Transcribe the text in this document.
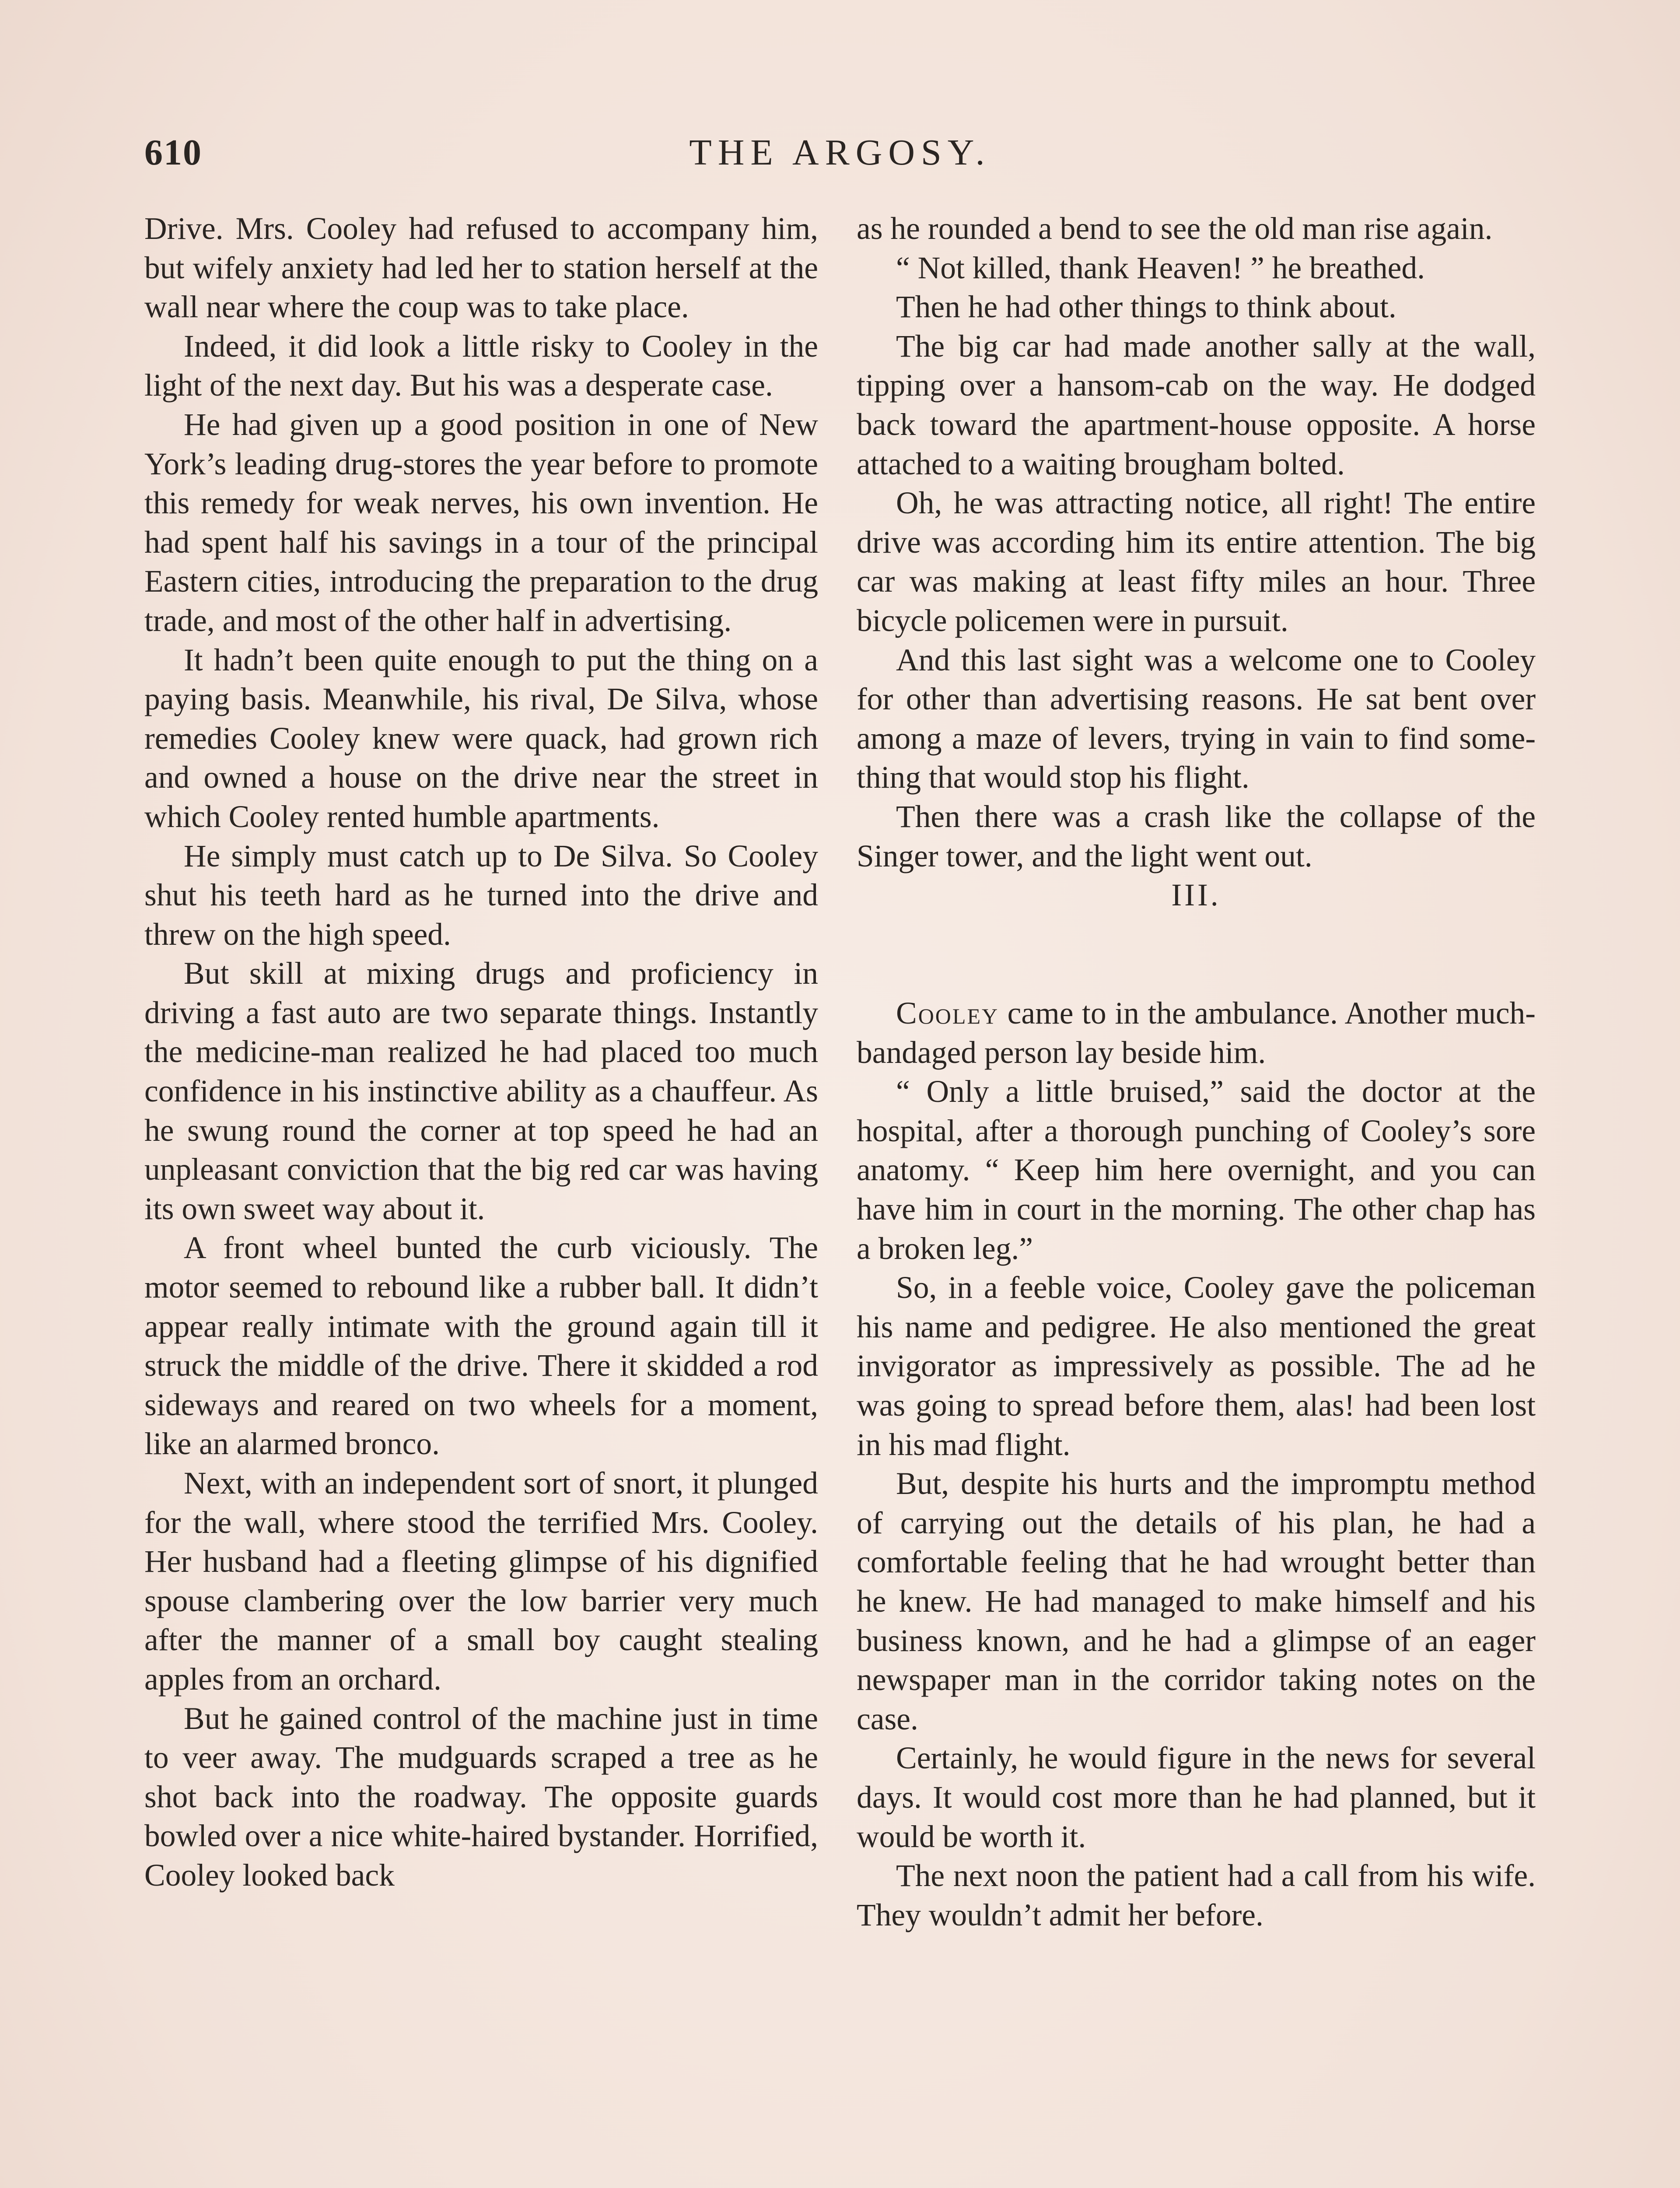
610	THE ARGOSY.

Drive. Mrs. Cooley had refused to accompany him, but wifely anxiety had led her to station herself at the wall near where the coup was to take place.

Indeed, it did look a little risky to Cooley in the light of the next day. But his was a desperate case.

He had given up a good position in one of New York’s leading drug-stores the year before to promote this remedy for weak nerves, his own invention. He had spent half his savings in a tour of the principal Eastern cities, introducing the preparation to the drug trade, and most of the other half in advertising.

It hadn’t been quite enough to put the thing on a paying basis. Meanwhile, his rival, De Silva, whose remedies Cooley knew were quack, had grown rich and owned a house on the drive near the street in which Cooley rented humble apartments.

He simply must catch up to De Silva. So Cooley shut his teeth hard as he turned into the drive and threw on the high speed.

But skill at mixing drugs and proficiency in driving a fast auto are two separate things. Instantly the medicine-man realized he had placed too much confidence in his instinctive ability as a chauffeur. As he swung round the corner at top speed he had an unpleasant conviction that the big red car was having its own sweet way about it.

A front wheel bunted the curb viciously. The motor seemed to rebound like a rubber ball. It didn’t appear really intimate with the ground again till it struck the middle of the drive. There it skidded a rod sideways and reared on two wheels for a moment, like an alarmed bronco.

Next, with an independent sort of snort, it plunged for the wall, where stood the terrified Mrs. Cooley. Her husband had a fleeting glimpse of his dignified spouse clambering over the low barrier very much after the manner of a small boy caught stealing apples from an orchard.

But he gained control of the machine just in time to veer away. The mudguards scraped a tree as he shot back into the roadway. The opposite guards bowled over a nice white-haired bystander. Horrified, Cooley looked back

as he rounded a bend to see the old man rise again.

“ Not killed, thank Heaven! ” he breathed.

Then he had other things to think about.

The big car had made another sally at the wall, tipping over a hansom-cab on the way. He dodged back toward the apartment-house opposite. A horse attached to a waiting brougham bolted.

Oh, he was attracting notice, all right! The entire drive was according him its entire attention. The big car was making at least fifty miles an hour. Three bicycle policemen were in pursuit.

And this last sight was a welcome one to Cooley for other than advertising reasons. He sat bent over among a maze of levers, trying in vain to find something that would stop his flight.

Then there was a crash like the collapse of the Singer tower, and the light went out.

III.

Cooley came to in the ambulance. Another much-bandaged person lay beside him.

“ Only a little bruised,” said the doctor at the hospital, after a thorough punching of Cooley’s sore anatomy. “ Keep him here overnight, and you can have him in court in the morning. The other chap has a broken leg.”

So, in a feeble voice, Cooley gave the policeman his name and pedigree. He also mentioned the great invigorator as impressively as possible. The ad he was going to spread before them, alas! had been lost in his mad flight.

But, despite his hurts and the impromptu method of carrying out the details of his plan, he had a comfortable feeling that he had wrought better than he knew. He had managed to make himself and his business known, and he had a glimpse of an eager newspaper man in the corridor taking notes on the case.

Certainly, he would figure in the news for several days. It would cost more than he had planned, but it would be worth it.

The next noon the patient had a call from his wife. They wouldn’t admit her before.
